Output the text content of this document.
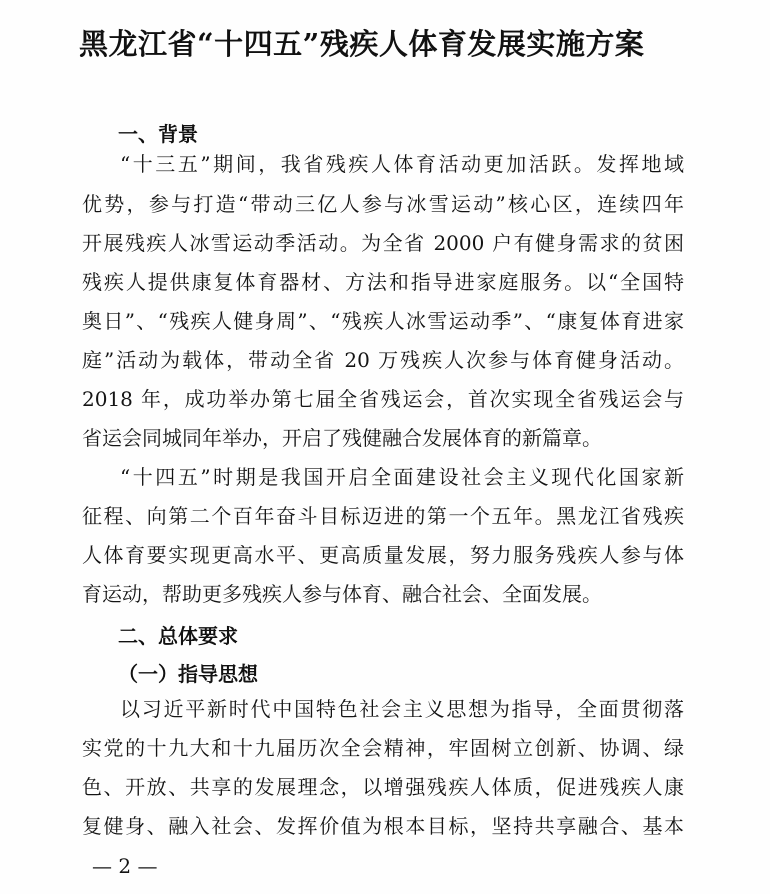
黑龙江省“十四五”残疾人体育发展实施方案
一、背景
“十三五”期间，我省残疾人体育活动更加活跃。发挥地域
优势，参与打造“带动三亿人参与冰雪运动”核心区，连续四年
开展残疾人冰雪运动季活动。为全省 2000 户有健身需求的贫困
残疾人提供康复体育器材、方法和指导进家庭服务。以“全国特
奥日”、“残疾人健身周”、“残疾人冰雪运动季”、“康复体育进家
庭”活动为载体，带动全省 20 万残疾人次参与体育健身活动。
2018 年，成功举办第七届全省残运会，首次实现全省残运会与
省运会同城同年举办，开启了残健融合发展体育的新篇章。
“十四五”时期是我国开启全面建设社会主义现代化国家新
征程、向第二个百年奋斗目标迈进的第一个五年。黑龙江省残疾
人体育要实现更高水平、更高质量发展，努力服务残疾人参与体
育运动，帮助更多残疾人参与体育、融合社会、全面发展。
二、总体要求
（一）指导思想
以习近平新时代中国特色社会主义思想为指导，全面贯彻落
实党的十九大和十九届历次全会精神，牢固树立创新、协调、绿
色、开放、共享的发展理念，以增强残疾人体质，促进残疾人康
复健身、融入社会、发挥价值为根本目标，坚持共享融合、基本
— 2 —
